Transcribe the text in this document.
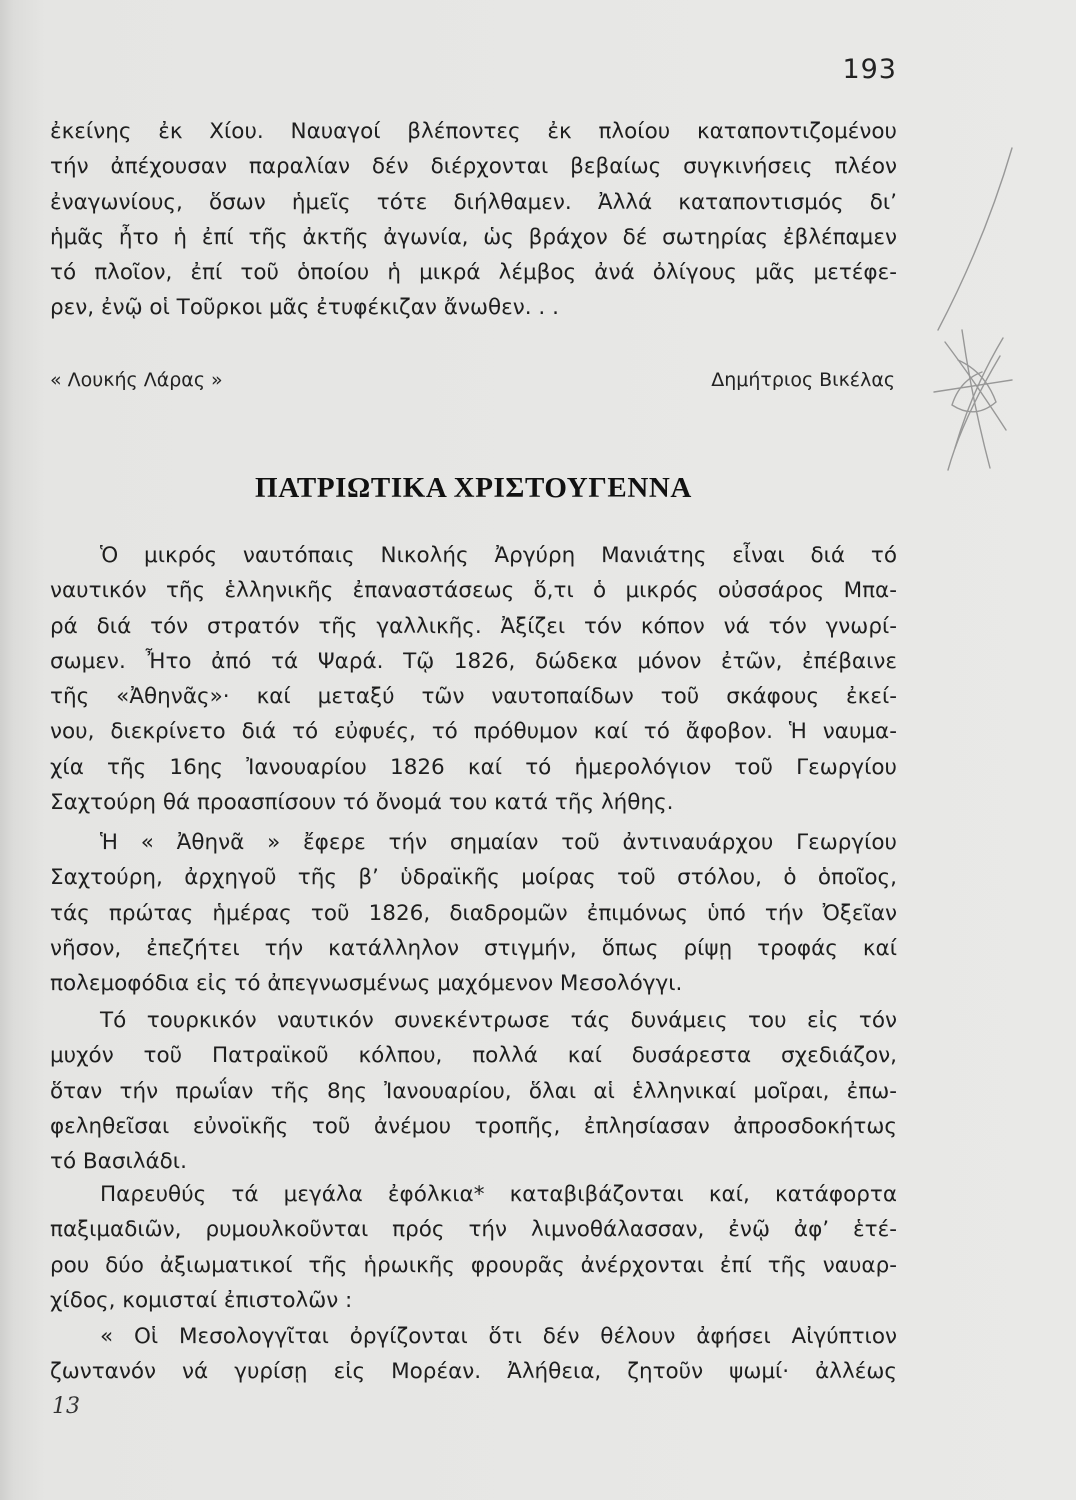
193
ἐκείνης ἐκ Χίου. Ναυαγοί βλέποντες ἐκ πλοίου καταποντιζομένου
τήν ἀπέχουσαν παραλίαν δέν διέρχονται βεβαίως συγκινήσεις πλέον
ἐναγωνίους, ὅσων ἡμεῖς τότε διήλθαμεν. Ἀλλά καταποντισμός δι’
ἡμᾶς ἦτο ἡ ἐπί τῆς ἀκτῆς ἀγωνία, ὡς βράχον δέ σωτηρίας ἐβλέπαμεν
τό πλοῖον, ἐπί τοῦ ὁποίου ἡ μικρά λέμβος ἀνά ὀλίγους μᾶς μετέφε-
ρεν, ἐνῷ οἱ Τοῦρκοι μᾶς ἐτυφέκιζαν ἄνωθεν. . .
« Λουκής Λάρας »	Δημήτριος Βικέλας
ΠΑΤΡΙΩΤΙΚΑ ΧΡΙΣΤΟΥΓΕΝΝΑ
Ὁ μικρός ναυτόπαις Νικολής Ἀργύρη Μανιάτης εἶναι διά τό
ναυτικόν τῆς ἑλληνικῆς ἐπαναστάσεως ὅ,τι ὁ μικρός οὐσσάρος Μπα-
ρά διά τόν στρατόν τῆς γαλλικῆς. Ἀξίζει τόν κόπον νά τόν γνωρί-
σωμεν. Ἦτο ἀπό τά Ψαρά. Τῷ 1826, δώδεκα μόνον ἐτῶν, ἐπέβαινε
τῆς «Ἀθηνᾶς»· καί μεταξύ τῶν ναυτοπαίδων τοῦ σκάφους ἐκεί-
νου, διεκρίνετο διά τό εὐφυές, τό πρόθυμον καί τό ἄφοβον. Ἡ ναυμα-
χία τῆς 16ης Ἰανουαρίου 1826 καί τό ἡμερολόγιον τοῦ Γεωργίου
Σαχτούρη θά προασπίσουν τό ὄνομά του κατά τῆς λήθης.
Ἡ « Ἀθηνᾶ » ἔφερε τήν σημαίαν τοῦ ἀντιναυάρχου Γεωργίου
Σαχτούρη, ἀρχηγοῦ τῆς β’ ὑδραϊκῆς μοίρας τοῦ στόλου, ὁ ὁποῖος,
τάς πρώτας ἡμέρας τοῦ 1826, διαδρομῶν ἐπιμόνως ὑπό τήν Ὀξεῖαν
νῆσον, ἐπεζήτει τήν κατάλληλον στιγμήν, ὅπως ρίψῃ τροφάς καί
πολεμοφόδια εἰς τό ἀπεγνωσμένως μαχόμενον Μεσολόγγι.
Τό τουρκικόν ναυτικόν συνεκέντρωσε τάς δυνάμεις του εἰς τόν
μυχόν τοῦ Πατραϊκοῦ κόλπου, πολλά καί δυσάρεστα σχεδιάζον,
ὅταν τήν πρωΐαν τῆς 8ης Ἰανουαρίου, ὅλαι αἱ ἑλληνικαί μοῖραι, ἐπω-
φεληθεῖσαι εὐνοϊκῆς τοῦ ἀνέμου τροπῆς, ἐπλησίασαν ἀπροσδοκήτως
τό Βασιλάδι.
Παρευθύς τά μεγάλα ἐφόλκια* καταβιβάζονται καί, κατάφορτα
παξιμαδιῶν, ρυμουλκοῦνται πρός τήν λιμνοθάλασσαν, ἐνῷ ἀφ’ ἑτέ-
ρου δύο ἀξιωματικοί τῆς ἡρωικῆς φρουρᾶς ἀνέρχονται ἐπί τῆς ναυαρ-
χίδος, κομισταί ἐπιστολῶν :
« Οἱ Μεσολογγῖται ὀργίζονται ὅτι δέν θέλουν ἀφήσει Αἰγύπτιον
ζωντανόν νά γυρίσῃ εἰς Μορέαν. Ἀλήθεια, ζητοῦν ψωμί· ἀλλέως
13
